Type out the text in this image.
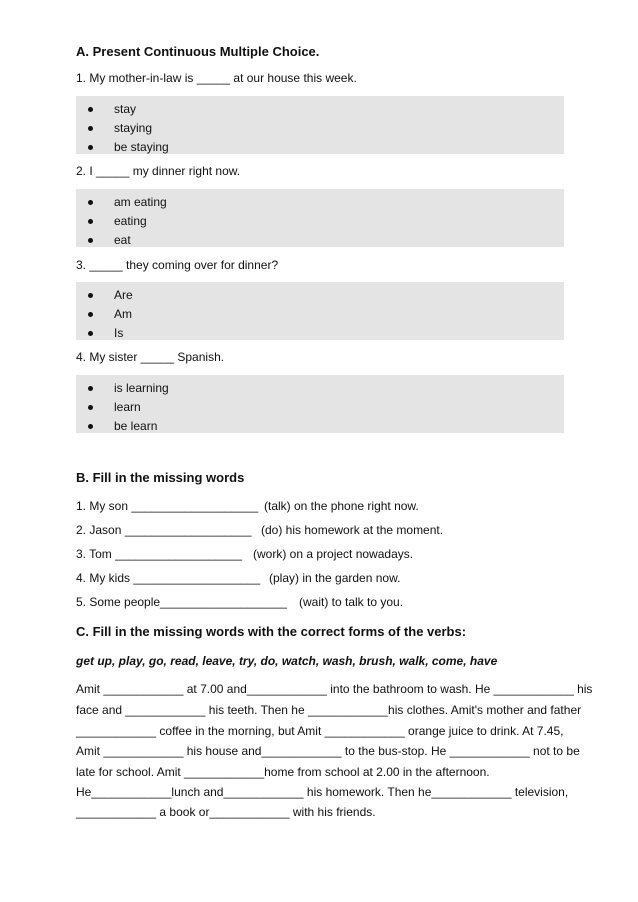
A. Present Continuous Multiple Choice.
1. My mother-in-law is _____ at our house this week.
stay
staying
be staying
2. I _____ my dinner right now.
am eating
eating
eat
3. _____ they coming over for dinner?
Are
Am
Is
4. My sister _____ Spanish.
is learning
learn
be learn
B. Fill in the missing words
1. My son ___________________ (talk) on the phone right now.
2. Jason ___________________ (do) his homework at the moment.
3. Tom ___________________ (work) on a project nowadays.
4. My kids ___________________ (play) in the garden now.
5. Some people___________________ (wait) to talk to you.
C. Fill in the missing words with the correct forms of the verbs:
get up, play, go, read, leave, try, do, watch, wash, brush, walk, come, have
Amit ____________ at 7.00 and____________ into the bathroom to wash. He ____________ his
face and ____________ his teeth. Then he ____________his clothes. Amit's mother and father
____________ coffee in the morning, but Amit ____________ orange juice to drink. At 7.45,
Amit ____________ his house and____________ to the bus-stop. He ____________ not to be
late for school. Amit ____________home from school at 2.00 in the afternoon.
He____________lunch and____________ his homework. Then he____________ television,
____________ a book or____________ with his friends.
